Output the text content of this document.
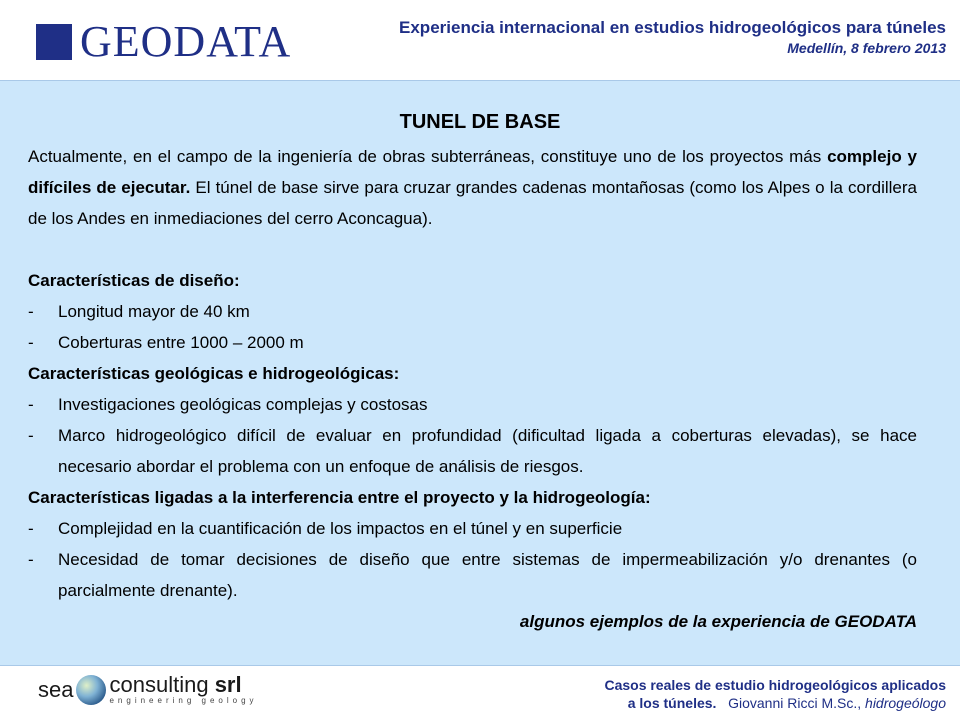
GEODATA	Experiencia internacional en estudios hidrogeológicos para túneles
Medellín, 8 febrero 2013
TUNEL DE BASE

Actualmente, en el campo de la ingeniería de obras subterráneas, constituye uno de los proyectos más complejo y difíciles de ejecutar. El túnel de base sirve para cruzar grandes cadenas montañosas (como los Alpes o la cordillera de los Andes en inmediaciones del cerro Aconcagua).

Características de diseño:

-	Longitud mayor de 40 km
-	Coberturas entre 1000 – 2000 m

Características geológicas e hidrogeológicas:

-	Investigaciones geológicas complejas y costosas
-	Marco hidrogeológico difícil de evaluar en profundidad (dificultad ligada a coberturas elevadas), se hace necesario abordar el problema con un enfoque de análisis de riesgos.

Características ligadas a la interferencia entre el proyecto y la hidrogeología:

-	Complejidad en la cuantificación de los impactos en el túnel y en superficie
-	Necesidad de tomar decisiones de diseño que entre sistemas de impermeabilización y/o drenantes (o parcialmente drenante).

algunos ejemplos de la experiencia de GEODATA

sea consulting srl
engineering geology
Casos reales de estudio hidrogeológicos aplicados
a los túneles. Giovanni Ricci M.Sc., hidrogeólogo
